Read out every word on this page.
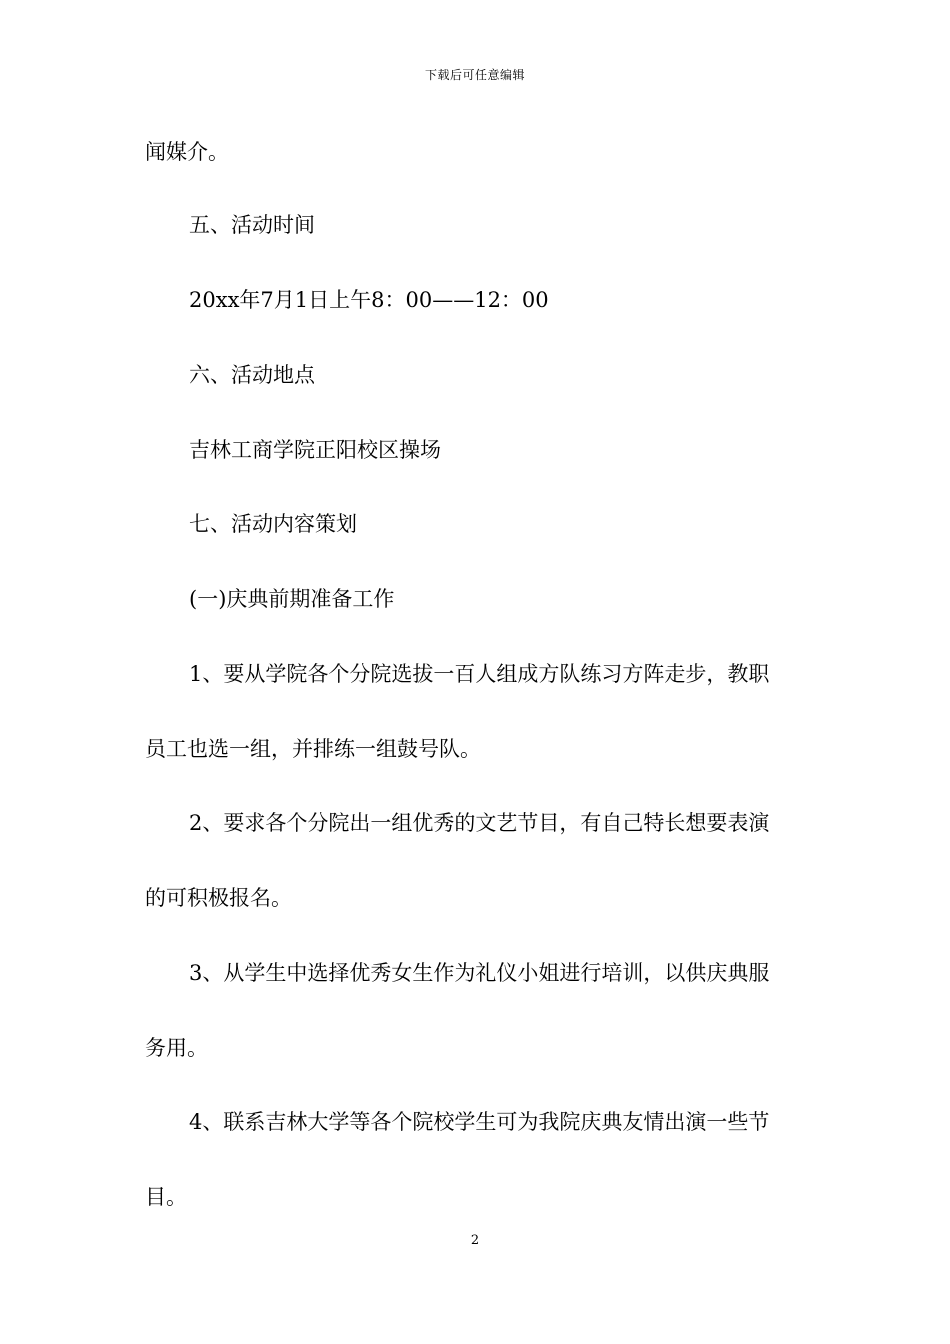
下载后可任意编辑
闻媒介。
五、活动时间
20xx年7月1日上午8：00——12：00
六、活动地点
吉林工商学院正阳校区操场
七、活动内容策划
(一)庆典前期准备工作
1、要从学院各个分院选拔一百人组成方队练习方阵走步，教职
员工也选一组，并排练一组鼓号队。
2、要求各个分院出一组优秀的文艺节目，有自己特长想要表演
的可积极报名。
3、从学生中选择优秀女生作为礼仪小姐进行培训，以供庆典服
务用。
4、联系吉林大学等各个院校学生可为我院庆典友情出演一些节
目。
2
